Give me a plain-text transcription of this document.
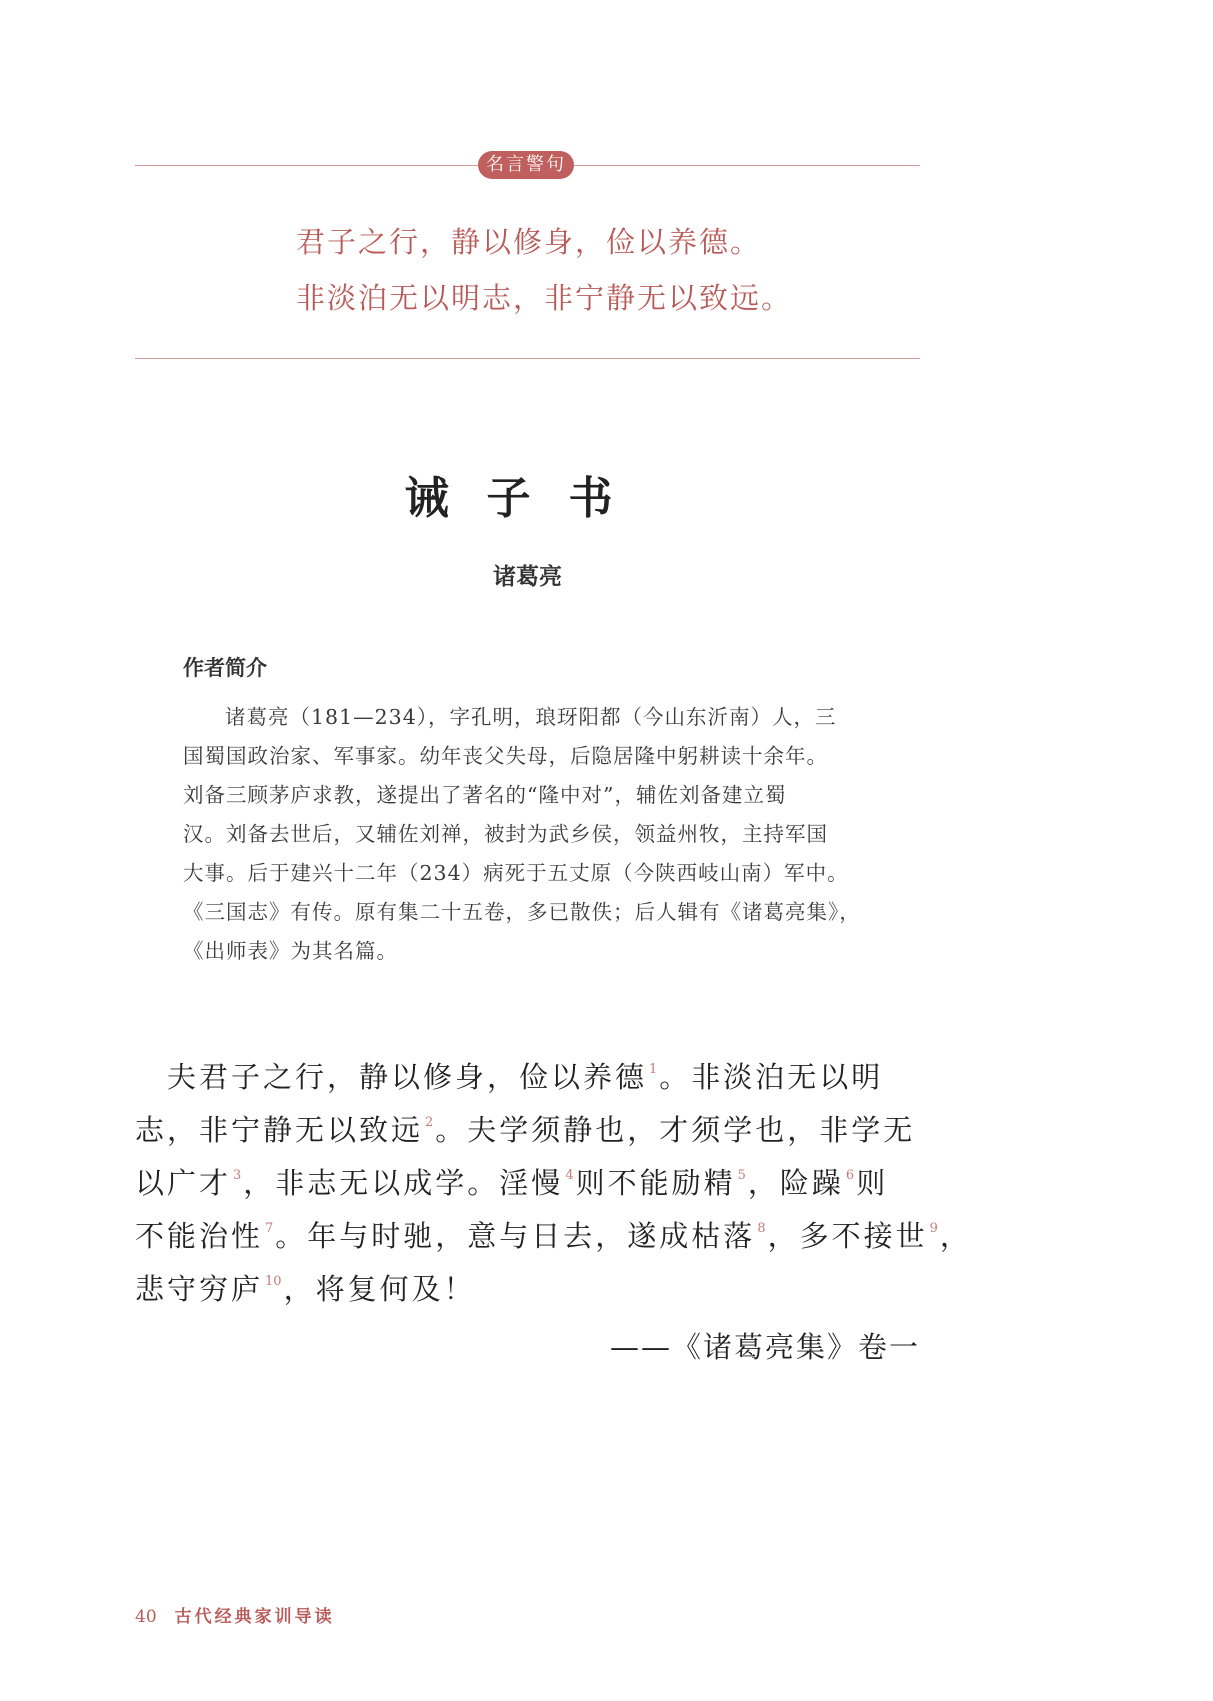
名言警句
君子之行，静以修身，俭以养德。
非淡泊无以明志，非宁静无以致远。
诫子书
诸葛亮
作者简介
诸葛亮（181—234），字孔明，琅玡阳都（今山东沂南）人，三
国蜀国政治家、军事家。幼年丧父失母，后隐居隆中躬耕读十余年。
刘备三顾茅庐求教，遂提出了著名的“隆中对”，辅佐刘备建立蜀
汉。刘备去世后，又辅佐刘禅，被封为武乡侯，领益州牧，主持军国
大事。后于建兴十二年（234）病死于五丈原（今陕西岐山南）军中。
《三国志》有传。原有集二十五卷，多已散佚；后人辑有《诸葛亮集》，
《出师表》为其名篇。
　夫君子之行，静以修身，俭以养德 $^1$。非淡泊无以明
志，非宁静无以致远 $^2$。夫学须静也，才须学也，非学无
以广才 $^3$，非志无以成学。淫慢 $^4$则不能励精 $^5$，险躁 $^6$则
不能治性 $^7$。年与时驰，意与日去，遂成枯落 $^8$，多不接世 $^9$，
悲守穷庐 $^{10}$，将复何及！
——《诸葛亮集》卷一
40 古代经典家训导读
